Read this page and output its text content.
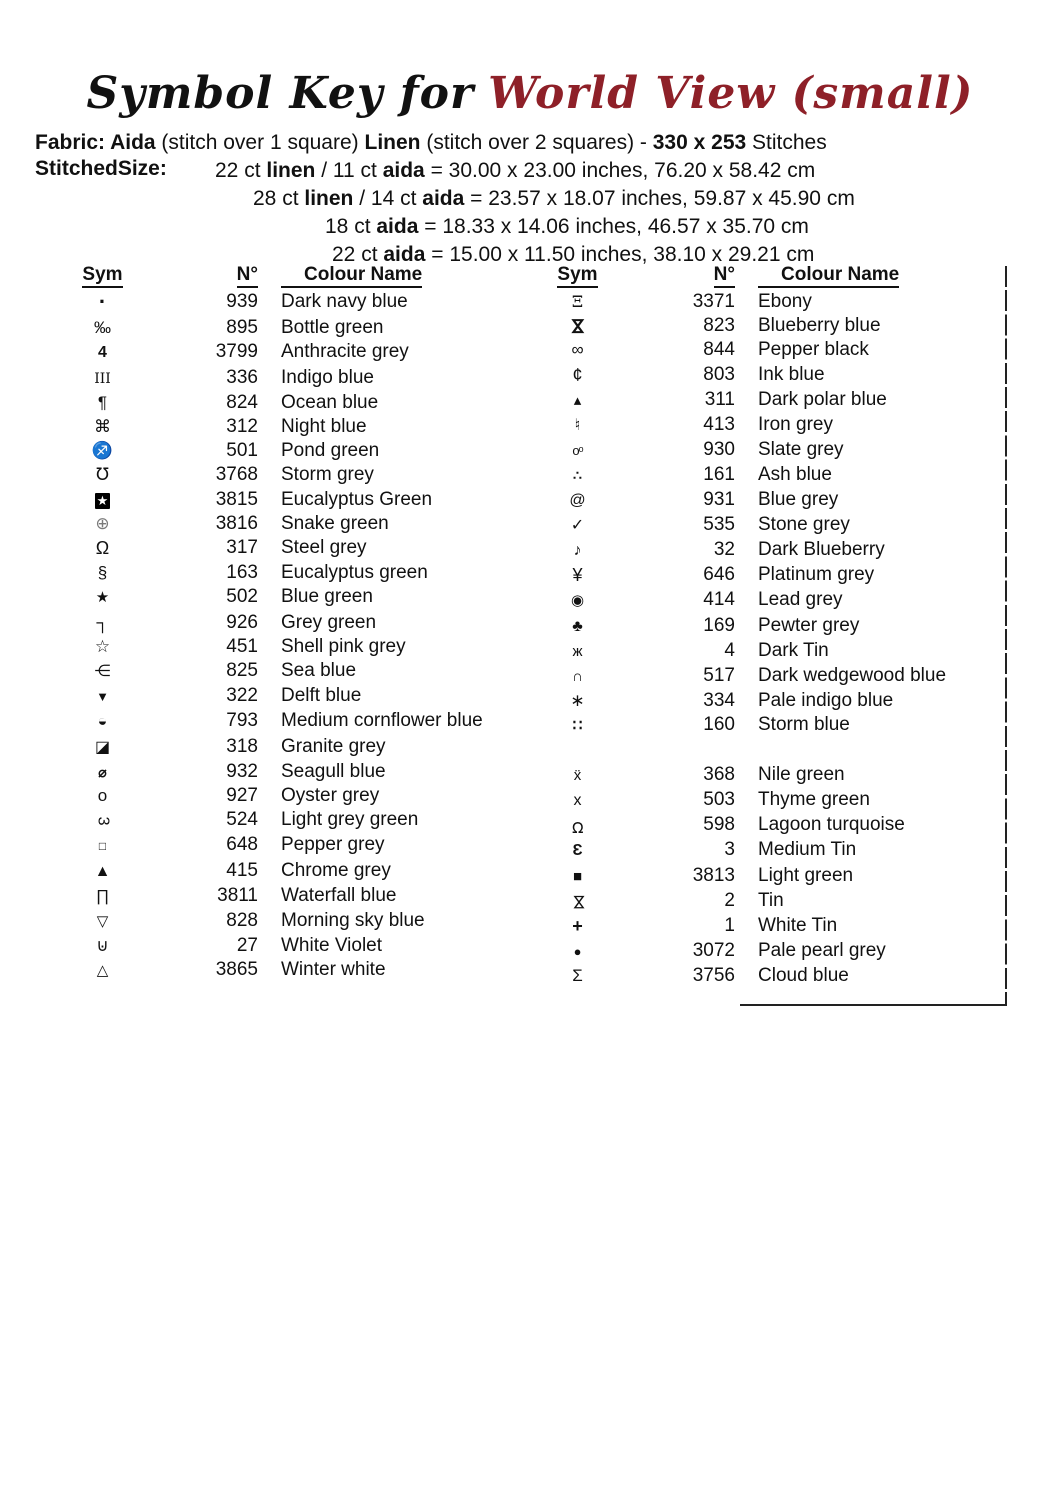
Symbol Key for World View (small)
Fabric: Aida (stitch over 1 square) Linen (stitch over 2 squares) - 330 x 253 Stitches
StitchedSize: 22 ct linen / 11 ct aida = 30.00 x 23.00 inches, 76.20 x 58.42 cm
28 ct linen / 14 ct aida = 23.57 x 18.07 inches, 59.87 x 45.90 cm
18 ct aida = 18.33 x 14.06 inches, 46.57 x 35.70 cm
22 ct aida = 15.00 x 11.50 inches, 38.10 x 29.21 cm
Sym	N°	Colour Name
·	939	Dark navy blue
‰	895	Bottle green
4	3799	Anthracite grey
III	336	Indigo blue
¶	824	Ocean blue
⌘	312	Night blue
♐	501	Pond green
℧	3768	Storm grey
★	3815	Eucalyptus Green
⊕	3816	Snake green
Ω	317	Steel grey
§	163	Eucalyptus green
★	502	Blue green
┐	926	Grey green
☆	451	Shell pink grey
⋲	825	Sea blue
▼	322	Delft blue
◒	793	Medium cornflower blue
◪	318	Granite grey
⌀	932	Seagull blue
o	927	Oyster grey
3	524	Light grey green
□	648	Pepper grey
▲	415	Chrome grey
∏	3811	Waterfall blue
▽	828	Morning sky blue
⊍	27	White Violet
△	3865	Winter white
Sym	N°	Colour Name
Ξ	3371	Ebony
⋈	823	Blueberry blue
∞	844	Pepper black
¢	803	Ink blue
▴	311	Dark polar blue
♮	413	Iron grey
oᵒ	930	Slate grey
∴	161	Ash blue
@	931	Blue grey
✓	535	Stone grey
♪	32	Dark Blueberry
¥	646	Platinum grey
◉	414	Lead grey
♣	169	Pewter grey
ж	4	Dark Tin
∩	517	Dark wedgewood blue
∗	334	Pale indigo blue
∷	160	Storm blue
ẍ	368	Nile green
x	503	Thyme green
℧	598	Lagoon turquoise
Ɛ	3	Medium Tin
■	3813	Light green
⋈	2	Tin
+	1	White Tin
●	3072	Pale pearl grey
Σ	3756	Cloud blue
